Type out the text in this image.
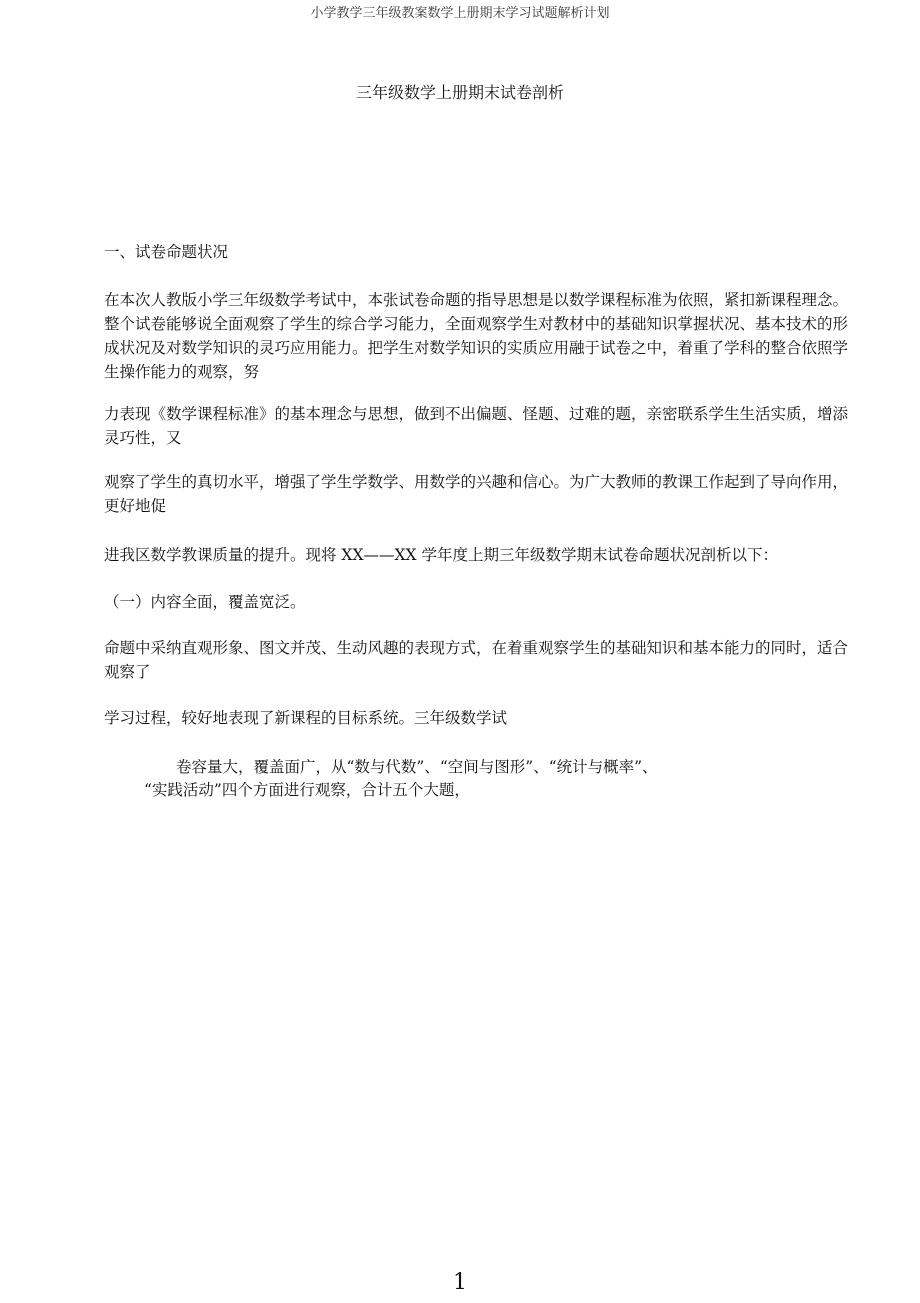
小学教学三年级教案数学上册期末学习试题解析计划
三年级数学上册期末试卷剖析

一、试卷命题状况

在本次人教版小学三年级数学考试中，本张试卷命题的指导思想是以数学课程标准为依照，紧扣新课程理念。整个试卷能够说全面观察了学生的综合学习能力，全面观察学生对教材中的基础知识掌握状况、基本技术的形成状况及对数学知识的灵巧应用能力。把学生对数学知识的实质应用融于试卷之中，着重了学科的整合依照学生操作能力的观察，努

力表现《数学课程标准》的基本理念与思想，做到不出偏题、怪题、过难的题，亲密联系学生生活实质，增添灵巧性，又

观察了学生的真切水平，增强了学生学数学、用数学的兴趣和信心。为广大教师的教课工作起到了导向作用，更好地促

进我区数学教课质量的提升。现将 XX——XX 学年度上期三年级数学期末试卷命题状况剖析以下：

（一）内容全面，覆盖宽泛。

命题中采纳直观形象、图文并茂、生动风趣的表现方式，在着重观察学生的基础知识和基本能力的同时，适合观察了

学习过程，较好地表现了新课程的目标系统。三年级数学试

卷容量大，覆盖面广，从“数与代数”、“空间与图形”、“统计与概率”、

“实践活动”四个方面进行观察，合计五个大题，

1
